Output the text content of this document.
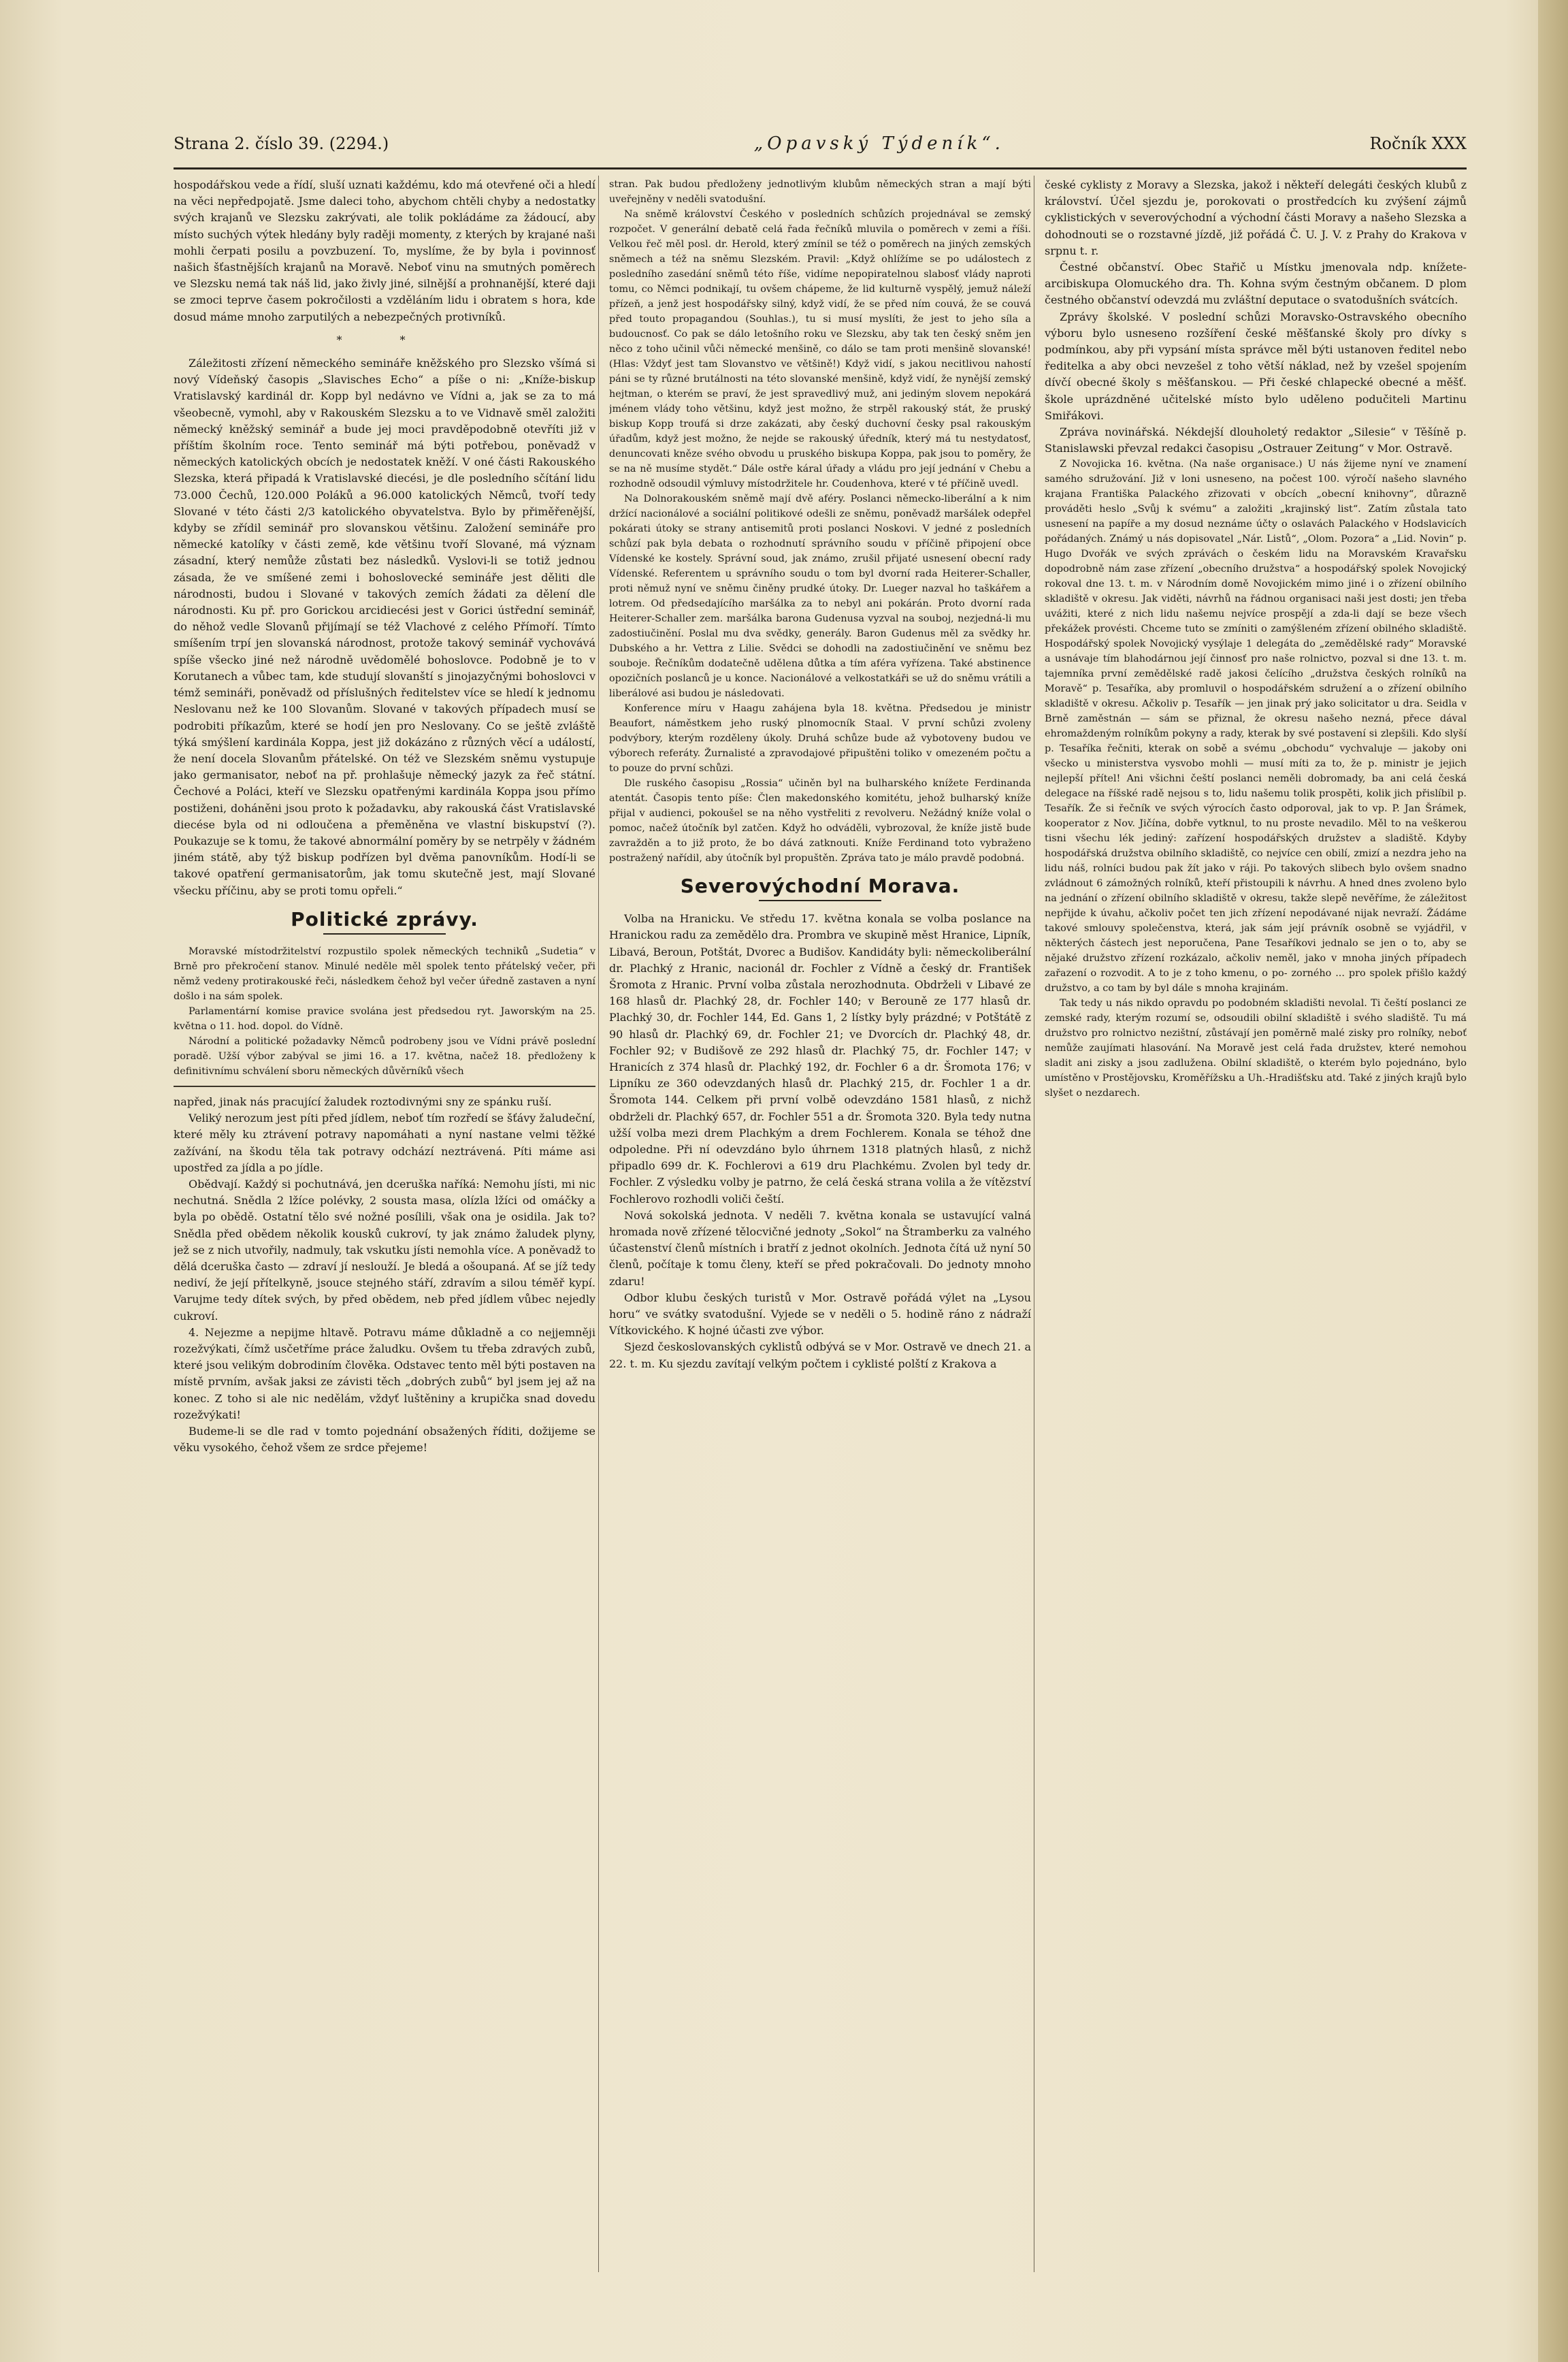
Strana 2. číslo 39. (2294.)	„Opavský Týdeník“.	Ročník XXX

hospodářskou vede a řídí, sluší uznati každému, kdo má otevřené oči a hledí na věci nepředpojatě. Jsme daleci toho, abychom chtěli chyby a nedostatky svých krajanů ve Slezsku zakrývati, ale tolik pokládáme za žádoucí, aby místo suchých výtek hledány byly raději momenty, z kterých by krajané naši mohli čerpati posilu a povzbuzení. To, myslíme, že by byla i povinnosť našich šťastnějších krajanů na Moravě. Neboť vinu na smutných poměrech ve Slezsku nemá tak náš lid, jako živly jiné, silnější a prohnanější, které daji se zmoci teprve časem pokročilosti a vzděláním lidu i obratem s hora, kde dosud máme mnoho zarputilých a nebezpečných protivníků.

* *

Záležitosti zřízení německého semináře kněžského pro Slezsko všímá si nový Vídeňský časopis „Slavisches Echo“ a píše o ni: „Kníže-biskup Vratislavský kardinál dr. Kopp byl nedávno ve Vídni a, jak se za to má všeobecně, vymohl, aby v Rakouském Slezsku a to ve Vidnavě směl založiti německý kněžský seminář a bude jej moci pravděpodobně otevříti již v příštím školním roce. Tento seminář má býti potřebou, poněvadž v německých katolických obcích je nedostatek kněží. V oné části Rakouského Slezska, která připadá k Vratislavské diecési, je dle posledního sčítání lidu 73.000 Čechů, 120.000 Poláků a 96.000 katolických Němců, tvoří tedy Slované v této části 2/3 katolického obyvatelstva. Bylo by přiměřenější, kdyby se zřídil seminář pro slovanskou většinu. Založení semináře pro německé katolíky v části země, kde většinu tvoří Slované, má význam zásadní, který nemůže zůstati bez následků. Vyslovi-li se totiž jednou zásada, že ve smíšené zemi i bohoslovecké semináře jest děliti dle národnosti, budou i Slované v takových zemích žádati za dělení dle národnosti. Ku př. pro Gorickou arcidiecési jest v Gorici ústřední seminář, do něhož vedle Slovanů přijímají se též Vlachové z celého Přímoří. Tímto smíšením trpí jen slovanská národnost, protože takový seminář vychovává spíše všecko jiné než národně uvědomělé bohoslovce. Podobně je to v Korutanech a vůbec tam, kde studují slovanští s jinojazyčnými bohoslovci v témž semináři, poněvadž od příslušných ředitelstev více se hledí k jednomu Neslovanu než ke 100 Slovanům. Slované v takových případech musí se podrobiti příkazům, které se hodí jen pro Neslovany. Co se ještě zvláště týká smýšlení kardinála Koppa, jest již dokázáno z různých věcí a událostí, že není docela Slovanům přátelské. On též ve Slezském sněmu vystupuje jako germanisator, neboť na př. prohlašuje německý jazyk za řeč státní. Čechové a Poláci, kteří ve Slezsku opatřenými kardinála Koppa jsou přímo postiženi, doháněni jsou proto k požadavku, aby rakouská část Vratislavské diecése byla od ni odloučena a přeměněna ve vlastní biskupství (?). Poukazuje se k tomu, že takové abnormální poměry by se netrpěly v žádném jiném státě, aby týž biskup podřízen byl dvěma panovníkům. Hodí-li se takové opatření germanisatorům, jak tomu skutečně jest, mají Slované všecku příčinu, aby se proti tomu opřeli.“

Politické zprávy.

Moravské místodržitelství rozpustilo spolek německých techniků „Sudetia“ v Brně pro překročení stanov. Minulé neděle měl spolek tento přátelský večer, při němž vedeny protirakouské řeči, následkem čehož byl večer úředně zastaven a nyní došlo i na sám spolek.

Parlamentární komise pravice svolána jest předsedou ryt. Jaworským na 25. května o 11. hod. dopol. do Vídně.

Národní a politické požadavky Němců podrobeny jsou ve Vídni právě poslední poradě. Užší výbor zabýval se jimi 16. a 17. května, načež 18. předloženy k definitivnímu schválení sboru německých důvěrníků všech

napřed, jinak nás pracující žaludek roztodivnými sny ze spánku ruší.

Veliký nerozum jest píti před jídlem, neboť tím rozředí se šťávy žaludeční, které měly ku ztrávení potravy napomáhati a nyní nastane velmi těžké zažívání, na škodu těla tak potravy odchází neztrávená. Píti máme asi upostřed za jídla a po jídle.

Obědvají. Každý si pochutnává, jen dceruška naříká: Nemohu jísti, mi nic nechutná. Snědla 2 lžíce polévky, 2 sousta masa, olízla lžíci od omáčky a byla po obědě. Ostatní tělo své nožné posílili, však ona je osidila. Jak to? Snědla před obědem několik kousků cukroví, ty jak známo žaludek plyny, jež se z nich utvořily, nadmuly, tak vskutku jísti nemohla více. A poněvadž to dělá dceruška často — zdraví jí neslouží. Je bledá a ošoupaná. Ať se jíž tedy nediví, že její přítelkyně, jsouce stejného stáří, zdravím a silou téměř kypí. Varujme tedy dítek svých, by před obědem, neb před jídlem vůbec nejedly cukroví.

4. Nejezme a nepijme hltavě. Potravu máme důkladně a co nejjemněji rozežvýkati, čímž usčetříme práce žaludku. Ovšem tu třeba zdravých zubů, které jsou velikým dobrodiním člověka. Odstavec tento měl býti postaven na místě prvním, avšak jaksi ze závisti těch „dobrých zubů“ byl jsem jej až na konec. Z toho si ale nic nedělám, vždyť luštěniny a krupička snad dovedu rozežvýkati!

Budeme-li se dle rad v tomto pojednání obsažených říditi, dožijeme se věku vysokého, čehož všem ze srdce přejeme!

stran. Pak budou předloženy jednotlivým klubům německých stran a mají býti uveřejněny v neděli svatodušní.

Na sněmě království Českého v posledních schůzích projednával se zemský rozpočet. V generální debatě celá řada řečníků mluvila o poměrech v zemi a říši. Velkou řeč měl posl. dr. Herold, který zmínil se též o poměrech na jiných zemských sněmech a též na sněmu Slezském. Pravil: „Když ohlížíme se po událostech z posledního zasedání sněmů této říše, vidíme nepopiratelnou slabosť vlády naproti tomu, co Němci podnikají, tu ovšem chápeme, že lid kulturně vyspělý, jemuž náleží přízeň, a jenž jest hospodářsky silný, když vidí, že se před ním couvá, že se couvá před touto propagandou (Souhlas.), tu si musí myslíti, že jest to jeho síla a budoucnosť. Co pak se dálo letošního roku ve Slezsku, aby tak ten český sněm jen něco z toho učinil vůči německé menšině, co dálo se tam proti menšině slovanské! (Hlas: Vždyť jest tam Slovanstvo ve většině!) Když vidí, s jakou necitlivou nahostí páni se ty různé brutálnosti na této slovanské menšině, když vidí, že nynější zemský hejtman, o kterém se praví, že jest spravedlivý muž, ani jediným slovem nepokárá jménem vlády toho většinu, když jest možno, že strpěl rakouský stát, že pruský biskup Kopp troufá si drze zakázati, aby český duchovní česky psal rakouským úřadům, když jest možno, že nejde se rakouský úředník, který má tu nestydatosť, denuncovati kněze svého obvodu u pruského biskupa Koppa, pak jsou to poměry, že se na ně musíme stydět.“ Dále ostře káral úřady a vládu pro její jednání v Chebu a rozhodně odsoudil výmluvy místodržitele hr. Coudenhova, které v té příčině uvedl.

Na Dolnorakouském sněmě mají dvě aféry. Poslanci německo-liberální a k nim držící nacionálové a sociální politikové odešli ze sněmu, poněvadž maršálek odepřel pokárati útoky se strany antisemitů proti poslanci Noskovi. V jedné z posledních schůzí pak byla debata o rozhodnutí správního soudu v příčině připojení obce Vídenské ke kostely. Správní soud, jak známo, zrušil přijaté usnesení obecní rady Vídenské. Referentem u správního soudu o tom byl dvorní rada Heiterer-Schaller, proti němuž nyní ve sněmu činěny prudké útoky. Dr. Lueger nazval ho taškářem a lotrem. Od předsedajícího maršálka za to nebyl ani pokárán. Proto dvorní rada Heiterer-Schaller zem. maršálka barona Gudenusa vyzval na souboj, nezjedná-li mu zadostiučinění. Poslal mu dva svědky, generály. Baron Gudenus měl za svědky hr. Dubského a hr. Vettra z Lilie. Svědci se dohodli na zadostiučinění ve sněmu bez souboje. Řečníkům dodatečně udělena důtka a tím aféra vyřízena. Také abstinence opozičních poslanců je u konce. Nacionálové a velkostatkáři se už do sněmu vrátili a liberálové asi budou je následovati.

Konference míru v Haagu zahájena byla 18. května. Předsedou je ministr Beaufort, náměstkem jeho ruský plnomocník Staal. V první schůzi zvoleny podvýbory, kterým rozděleny úkoly. Druhá schůze bude až vybotoveny budou ve výborech referáty. Žurnalisté a zpravodajové připuštěni toliko v omezeném počtu a to pouze do první schůzi.

Dle ruského časopisu „Rossia“ učiněn byl na bulharského knížete Ferdinanda atentát. Časopis tento píše: Člen makedonského komitétu, jehož bulharský kníže přijal v audienci, pokoušel se na něho vystřeliti z revolveru. Nežádný kníže volal o pomoc, načež útočník byl zatčen. Když ho odváděli, vybrozoval, že kníže jistě bude zavražděn a to již proto, že bo dává zatknouti. Kníže Ferdinand toto vybraženo postražený nařídil, aby útočník byl propuštěn. Zpráva tato je málo pravdě podobná.

Severovýchodní Morava.

Volba na Hranicku. Ve středu 17. května konala se volba poslance na Hranickou radu za zemědělo dra. Prombra ve skupině měst Hranice, Lipník, Libavá, Beroun, Potštát, Dvorec a Budišov. Kandidáty byli: německoliberální dr. Plachký z Hranic, nacionál dr. Fochler z Vídně a český dr. František Šromota z Hranic. První volba zůstala nerozhodnuta. Obdrželi v Libavé ze 168 hlasů dr. Plachký 28, dr. Fochler 140; v Berouně ze 177 hlasů dr. Plachký 30, dr. Fochler 144, Ed. Gans 1, 2 lístky byly prázdné; v Potštátě z 90 hlasů dr. Plachký 69, dr. Fochler 21; ve Dvorcích dr. Plachký 48, dr. Fochler 92; v Budišově ze 292 hlasů dr. Plachký 75, dr. Fochler 147; v Hranicích z 374 hlasů dr. Plachký 192, dr. Fochler 6 a dr. Šromota 176; v Lipníku ze 360 odevzdaných hlasů dr. Plachký 215, dr. Fochler 1 a dr. Šromota 144. Celkem při první volbě odevzdáno 1581 hlasů, z nichž obdrželi dr. Plachký 657, dr. Fochler 551 a dr. Šromota 320. Byla tedy nutna užší volba mezi drem Plachkým a drem Fochlerem. Konala se téhož dne odpoledne. Při ní odevzdáno bylo úhrnem 1318 platných hlasů, z nichž připadlo 699 dr. K. Fochlerovi a 619 dru Plachkému. Zvolen byl tedy dr. Fochler. Z výsledku volby je patrno, že celá česká strana volila a že vítězství Fochlerovo rozhodli voliči čeští.

Nová sokolská jednota. V neděli 7. května konala se ustavující valná hromada nově zřízené tělocvičné jednoty „Sokol“ na Štramberku za valného účastenství členů místních i bratří z jednot okolních. Jednota čítá už nyní 50 členů, počítaje k tomu členy, kteří se před pokračovali. Do jednoty mnoho zdaru!

Odbor klubu českých turistů v Mor. Ostravě pořádá výlet na „Lysou horu“ ve svátky svatodušní. Vyjede se v neděli o 5. hodině ráno z nádraží Vítkovického. K hojné účasti zve výbor.

Sjezd českoslovanských cyklistů odbývá se v Mor. Ostravě ve dnech 21. a 22. t. m. Ku sjezdu zavítají velkým počtem i cyklisté polští z Krakova a

české cyklisty z Moravy a Slezska, jakož i někteří delegáti českých klubů z království. Účel sjezdu je, porokovati o prostředcích ku zvýšení zájmů cyklistických v severovýchodní a východní části Moravy a našeho Slezska a dohodnouti se o rozstavné jízdě, již pořádá Č. U. J. V. z Prahy do Krakova v srpnu t. r.

Čestné občanství. Obec Stařič u Místku jmenovala ndp. knížete-arcibiskupa Olomuckého dra. Th. Kohna svým čestným občanem. D plom čestného občanství odevzdá mu zvláštní deputace o svatodušních svátcích.

Zprávy školské. V poslední schůzi Moravsko-Ostravského obecního výboru bylo usneseno rozšíření české měšťanské školy pro dívky s podmínkou, aby při vypsání místa správce měl býti ustanoven ředitel nebo ředitelka a aby obci nevzešel z toho větší náklad, než by vzešel spojením dívčí obecné školy s měšťanskou. — Při české chlapecké obecné a měšť. škole uprázdněné učitelské místo bylo uděleno podučiteli Martinu Smiřákovi.

Zpráva novinářská. Nékdejší dlouholetý redaktor „Silesie“ v Těšíně p. Stanislawski převzal redakci časopisu „Ostrauer Zeitung“ v Mor. Ostravě.

Z Novojicka 16. května. (Na naše organisace.) U nás žijeme nyní ve znamení samého sdružování. Již v loni usneseno, na počest 100. výročí našeho slavného krajana Františka Palackého zřizovati v obcích „obecní knihovny“, důrazně prováděti heslo „Svůj k svému“ a založiti „krajinský list“. Zatím zůstala tato usnesení na papíře a my dosud neznáme účty o oslavách Palackého v Hodslavicích pořádaných. Známý u nás dopisovatel „Nár. Listů“, „Olom. Pozora“ a „Lid. Novin“ p. Hugo Dvořák ve svých zprávách o českém lidu na Moravském Kravařsku dopodrobně nám zase zřízení „obecního družstva“ a hospodářský spolek Novojický rokoval dne 13. t. m. v Národním domě Novojickém mimo jiné i o zřízení obilního skladiště v okresu. Jak viděti, návrhů na řádnou organisaci naši jest dosti; jen třeba uvážiti, které z nich lidu našemu nejvíce prospějí a zda-li dají se beze všech překážek provésti. Chceme tuto se zmíniti o zamýšleném zřízení obilného skladiště. Hospodářský spolek Novojický vysýlaje 1 delegáta do „zemědělské rady“ Moravské a usnávaje tím blahodárnou její činnosť pro naše rolnictvo, pozval si dne 13. t. m. tajemníka první zemědělské radě jakosi čelícího „družstva českých rolníků na Moravě“ p. Tesaříka, aby promluvil o hospodářském sdružení a o zřízení obilního skladiště v okresu. Ačkoliv p. Tesařík — jen jinak prý jako solicitator u dra. Seidla v Brně zaměstnán — sám se přiznal, že okresu našeho nezná, přece dával ehromaždeným rolníkům pokyny a rady, kterak by své postavení si zlepšili. Kdo slyší p. Tesaříka řečniti, kterak on sobě a svému „obchodu“ vychvaluje — jakoby oni všecko u ministerstva vysvobo mohli — musí míti za to, že p. ministr je jejich nejlepší přítel! Ani všichni čeští poslanci neměli dobromady, ba ani celá česká delegace na říšské radě nejsou s to, lidu našemu tolik prospěti, kolik jich přislíbil p. Tesařík. Že si řečník ve svých výrocích často odporoval, jak to vp. P. Jan Šrámek, kooperator z Nov. Jičína, dobře vytknul, to nu proste nevadilo. Měl to na veškerou tisni všechu lék jediný: zařízení hospodářských družstev a sladiště. Kdyby hospodářská družstva obilního skladiště, co nejvíce cen obilí, zmizí a nezdra jeho na lidu náš, rolníci budou pak žít jako v ráji. Po takových slibech bylo ovšem snadno zvládnout 6 zámožných rolníků, kteří přistoupili k návrhu. A hned dnes zvoleno bylo na jednání o zřízení obilního skladiště v okresu, takže slepě nevěříme, že záležitost nepřijde k úvahu, ačkoliv počet ten jich zřízení nepodávané nijak nevraží. Žádáme takové smlouvy společenstva, která, jak sám její právník osobně se vyjádřil, v některých částech jest neporučena, Pane Tesaříkovi jednalo se jen o to, aby se nějaké družstvo zřízení rozkázalo, ačkoliv neměl, jako v mnoha jiných případech zařazení o rozvodit. A to je z toho kmenu, o po- zorného ... pro spolek přišlo každý družstvo, a co tam by byl dále s mnoha krajinám.

Tak tedy u nás nikdo opravdu po podobném skladišti nevolal. Ti čeští poslanci ze zemské rady, kterým rozumí se, odsoudili obilní skladiště i svého sladiště. Tu má družstvo pro rolnictvo nezištní, zůstávají jen poměrně malé zisky pro rolníky, neboť nemůže zaujímati hlasování. Na Moravě jest celá řada družstev, které nemohou sladit ani zisky a jsou zadlužena. Obilní skladiště, o kterém bylo pojednáno, bylo umístěno v Prostějovsku, Kroměřížsku a Uh.-Hradišťsku atd. Také z jiných krajů bylo slyšet o nezdarech.
